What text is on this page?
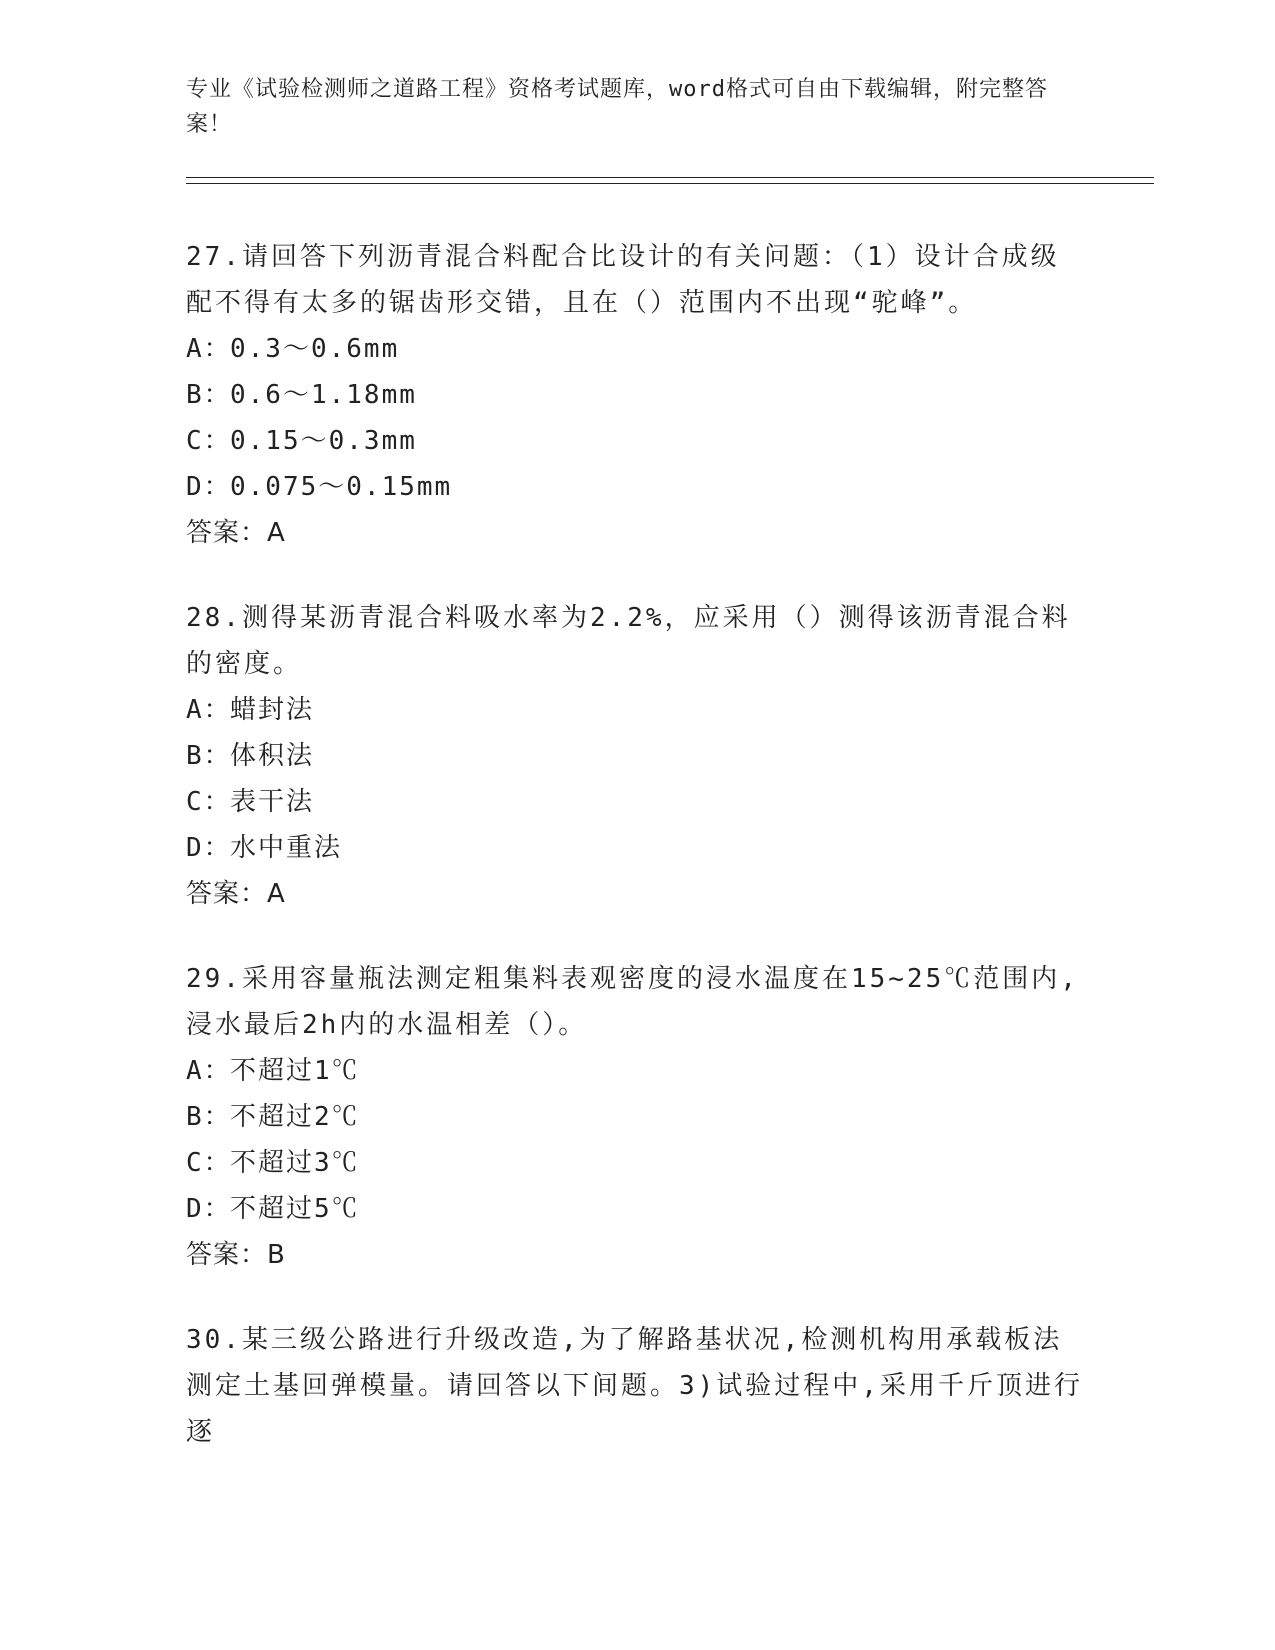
专业《试验检测师之道路工程》资格考试题库，word格式可自由下载编辑，附完整答案！
27.请回答下列沥青混合料配合比设计的有关问题：（1）设计合成级配不得有太多的锯齿形交错，且在（）范围内不出现“驼峰”。
A：
0.3～0.6mm
B：
0.6～1.18mm
C：
0.15～0.3mm
D：
0.075～0.15mm
答案：A
28.测得某沥青混合料吸水率为2.2%，应采用（）测得该沥青混合料的密度。
A：
蜡封法
B：
体积法
C：
表干法
D：
水中重法
答案：A
29.采用容量瓶法测定粗集料表观密度的浸水温度在15~25℃范围内,浸水最后2h内的水温相差（）。
A：
不超过1℃
B：
不超过2℃
C：
不超过3℃
D：
不超过5℃
答案：B
30.某三级公路进行升级改造,为了解路基状况,检测机构用承载板法测定土基回弹模量。请回答以下间题。3)试验过程中,采用千斤顶进行逐
